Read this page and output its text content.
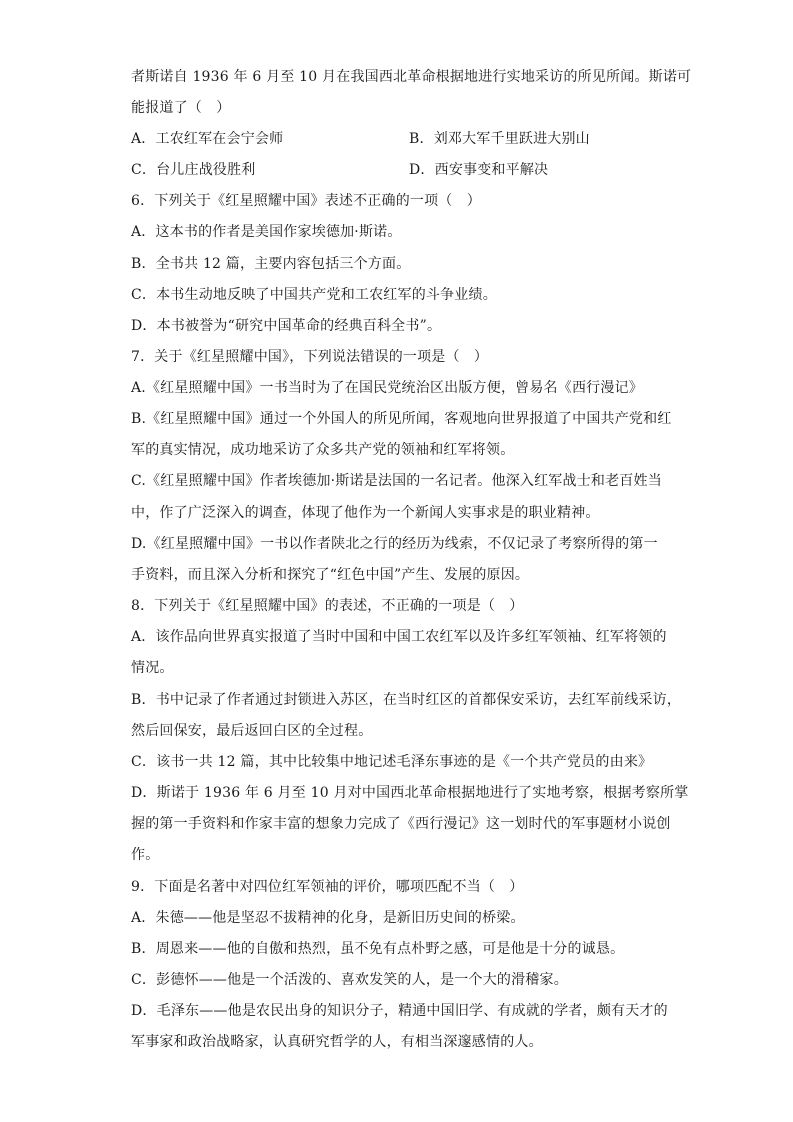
者斯诺自 1936 年 6 月至 10 月在我国西北革命根据地进行实地采访的所见所闻。斯诺可
能报道了（　）
A．工农红军在会宁会师	B．刘邓大军千里跃进大别山
C．台儿庄战役胜利	D．西安事变和平解决
6．下列关于《红星照耀中国》表述不正确的一项（　）
A．这本书的作者是美国作家埃德加·斯诺。
B．全书共 12 篇，主要内容包括三个方面。
C．本书生动地反映了中国共产党和工农红军的斗争业绩。
D．本书被誉为“研究中国革命的经典百科全书”。
7．关于《红星照耀中国》，下列说法错误的一项是（　）
A.《红星照耀中国》一书当时为了在国民党统治区出版方便，曾易名《西行漫记》
B.《红星照耀中国》通过一个外国人的所见所闻，客观地向世界报道了中国共产党和红
军的真实情况，成功地采访了众多共产党的领袖和红军将领。
C.《红星照耀中国》作者埃德加·斯诺是法国的一名记者。他深入红军战士和老百姓当
中，作了广泛深入的调查，体现了他作为一个新闻人实事求是的职业精神。
D.《红星照耀中国》一书以作者陕北之行的经历为线索，不仅记录了考察所得的第一
手资料，而且深入分析和探究了“红色中国”产生、发展的原因。
8．下列关于《红星照耀中国》的表述，不正确的一项是（　）
A．该作品向世界真实报道了当时中国和中国工农红军以及许多红军领袖、红军将领的
情况。
B．书中记录了作者通过封锁进入苏区，在当时红区的首都保安采访，去红军前线采访，
然后回保安，最后返回白区的全过程。
C．该书一共 12 篇，其中比较集中地记述毛泽东事迹的是《一个共产党员的由来》
D．斯诺于 1936 年 6 月至 10 月对中国西北革命根据地进行了实地考察，根据考察所掌
握的第一手资料和作家丰富的想象力完成了《西行漫记》这一划时代的军事题材小说创
作。
9．下面是名著中对四位红军领袖的评价，哪项匹配不当（　）
A．朱德——他是坚忍不拔精神的化身，是新旧历史间的桥梁。
B．周恩来——他的自傲和热烈，虽不免有点朴野之感，可是他是十分的诚恳。
C．彭德怀——他是一个活泼的、喜欢发笑的人，是一个大的滑稽家。
D．毛泽东——他是农民出身的知识分子，精通中国旧学、有成就的学者，颇有天才的
军事家和政治战略家，认真研究哲学的人，有相当深邃感情的人。
